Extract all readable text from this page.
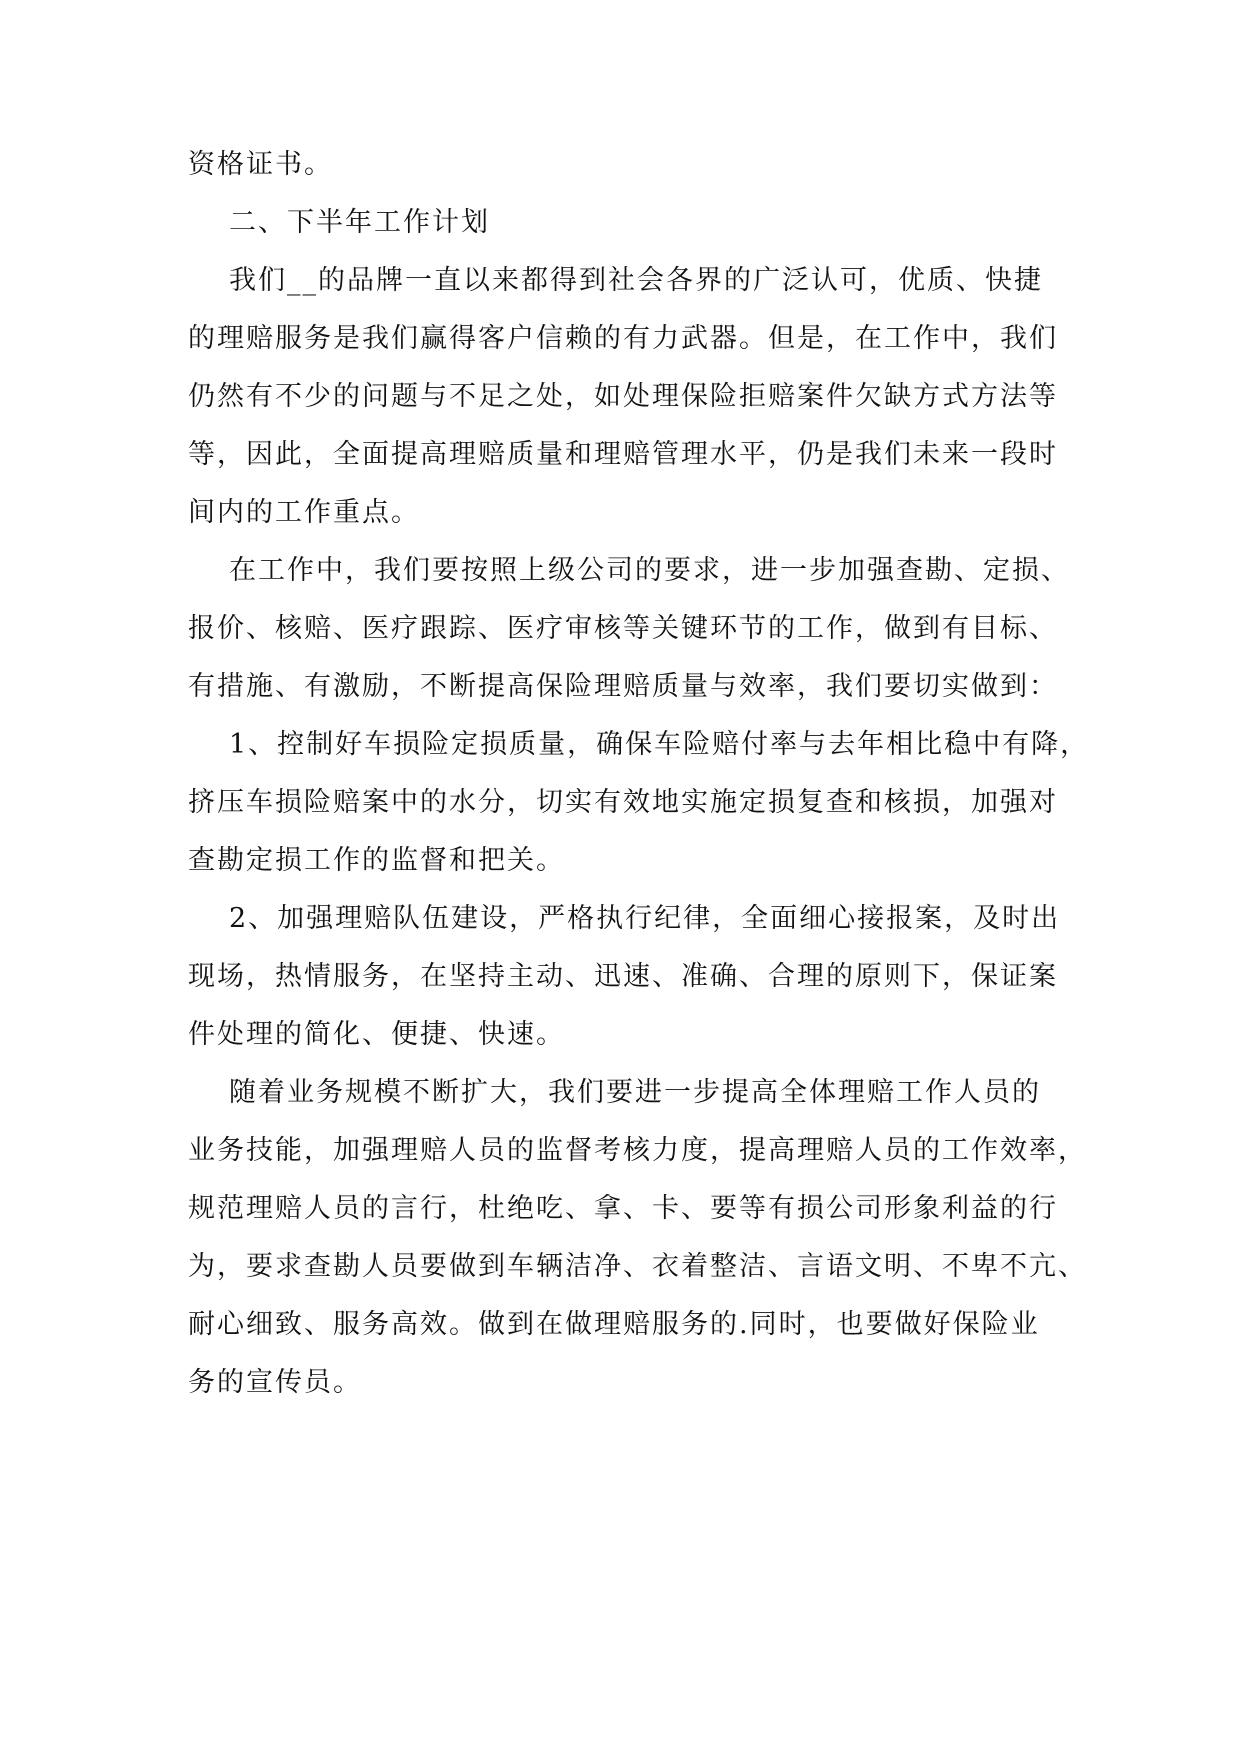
资格证书。

二、下半年工作计划

我们__的品牌一直以来都得到社会各界的广泛认可，优质、快捷

的理赔服务是我们赢得客户信赖的有力武器。但是，在工作中，我们

仍然有不少的问题与不足之处，如处理保险拒赔案件欠缺方式方法等

等，因此，全面提高理赔质量和理赔管理水平，仍是我们未来一段时

间内的工作重点。

在工作中，我们要按照上级公司的要求，进一步加强查勘、定损、

报价、核赔、医疗跟踪、医疗审核等关键环节的工作，做到有目标、

有措施、有激励，不断提高保险理赔质量与效率，我们要切实做到：

1、控制好车损险定损质量，确保车险赔付率与去年相比稳中有降，

挤压车损险赔案中的水分，切实有效地实施定损复查和核损，加强对

查勘定损工作的监督和把关。

2、加强理赔队伍建设，严格执行纪律，全面细心接报案，及时出

现场，热情服务，在坚持主动、迅速、准确、合理的原则下，保证案

件处理的简化、便捷、快速。

随着业务规模不断扩大，我们要进一步提高全体理赔工作人员的

业务技能，加强理赔人员的监督考核力度，提高理赔人员的工作效率，

规范理赔人员的言行，杜绝吃、拿、卡、要等有损公司形象利益的行

为，要求查勘人员要做到车辆洁净、衣着整洁、言语文明、不卑不亢、

耐心细致、服务高效。做到在做理赔服务的.同时，也要做好保险业

务的宣传员。
